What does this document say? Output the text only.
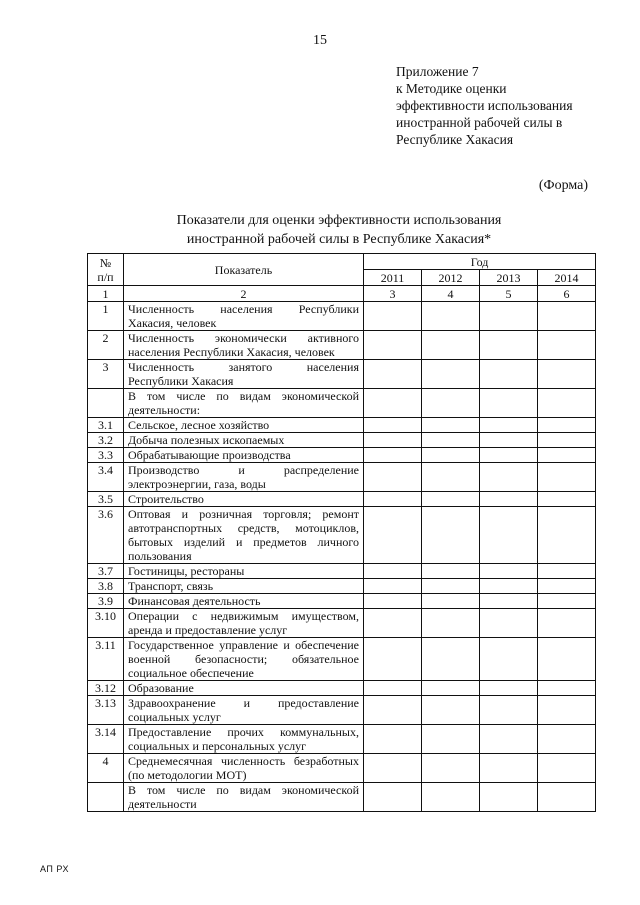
15
Приложение 7
к Методике оценки
эффективности использования
иностранной рабочей силы в
Республике Хакасия
(Форма)
Показатели для оценки эффективности использования
иностранной рабочей силы в Республике Хакасия*
№
п/п	Показатель	Год			
		2011	2012	2013	2014
1	2	3	4	5	6
1	Численность населения Республики Хакасия, человек				
2	Численность экономически активного населения Республики Хакасия, человек				
3	Численность занятого населения Республики Хакасия				
	В том числе по видам экономической деятельности:				
3.1	Сельское, лесное хозяйство				
3.2	Добыча полезных ископаемых				
3.3	Обрабатывающие производства				
3.4	Производство и распределение электроэнергии, газа, воды				
3.5	Строительство				
3.6	Оптовая и розничная торговля; ремонт автотранспортных средств, мотоциклов, бытовых изделий и предметов личного пользования				
3.7	Гостиницы, рестораны				
3.8	Транспорт, связь				
3.9	Финансовая деятельность				
3.10	Операции с недвижимым имуществом, аренда и предоставление услуг				
3.11	Государственное управление и обеспечение военной безопасности; обязательное социальное обеспечение				
3.12	Образование				
3.13	Здравоохранение и предоставление социальных услуг				
3.14	Предоставление прочих коммунальных, социальных и персональных услуг				
4	Среднемесячная численность безработных (по методологии МОТ)				
	В том числе по видам экономической деятельности				
АП РХ
